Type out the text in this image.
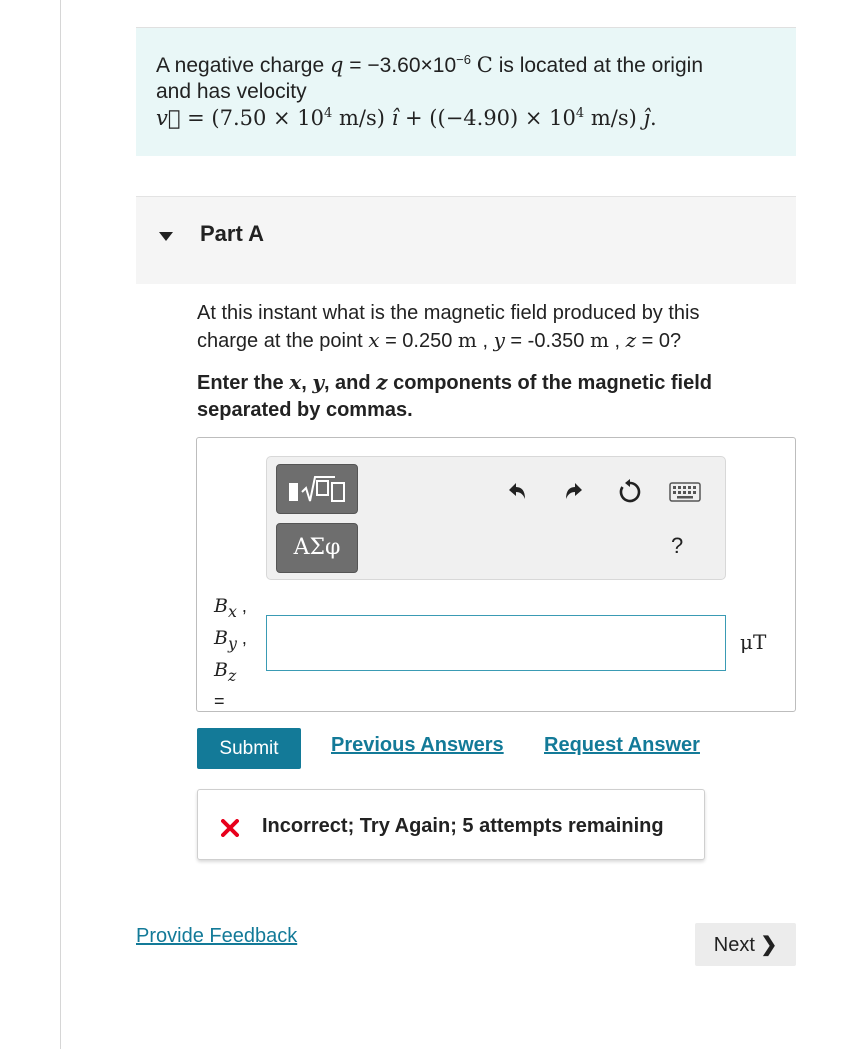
A negative charge $q = -3.60\times 10^{-6}$ C is located at the origin
and has velocity
v⃗ = ($7.50 \times 10^4$ m/s) î + ($(-4.90) \times 10^4$ m/s) ĵ.
Part A
At this instant what is the magnetic field produced by this
charge at the point x = 0.250 m , y = -0.350 m , z = 0?
Enter the x, y, and z components of the magnetic field
separated by commas.
ΑΣφ	?
$B_x$ ,
$B_y$ ,
$B_z$
=
μT
Submit	Previous Answers Request Answer
Incorrect; Try Again; 5 attempts remaining
Provide Feedback	Next ❯
